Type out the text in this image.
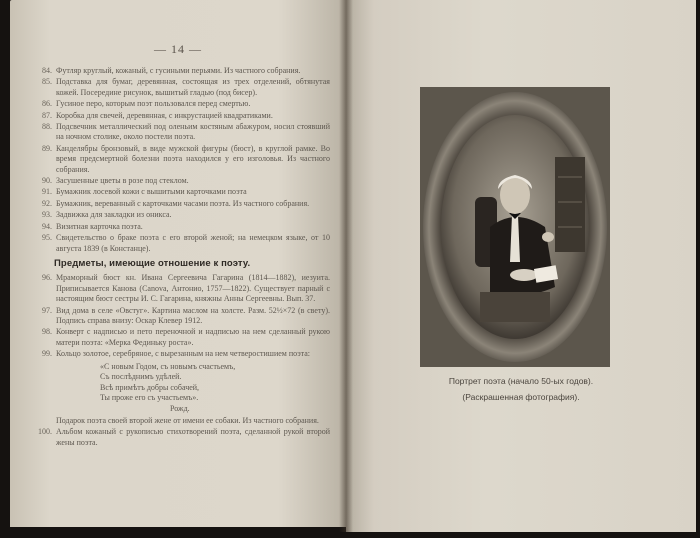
— 14 —
84. Футляр круглый, кожаный, с гусиными перьями. Из частного собрания.
85. Подставка для бумаг, деревянная, состоящая из трех отделений, обтянутая кожей. Посередине рисунок, вышитый гладью (под бисер).
86. Гусиное перо, которым поэт пользовался перед смертью.
87. Коробка для свечей, деревянная, с инкрустацией квадратиками.
88. Подсвечник металлический под оленьим костяным абажуром, носил стоявший на ночном столике, около постели поэта.
89. Канделябры бронзовый, в виде мужской фигуры (бюст), в круглой рамке. Во время предсмертной болезни поэта находился у его изголовья. Из частного собрания.
90. Засушенные цветы в розе под стеклом.
91. Бумажник лосевой кожи с вышитыми карточками поэта
92. Бумажник, вереванный с карточками часами поэта. Из частного собрания.
93. Задвижка для закладки из оникса.
94. Визитная карточка поэта.
95. Свидетельство о браке поэта с его второй женой; на немецком языке, от 10 августа 1839 (в Констанце).
Предметы, имеющие отношение к поэту.
96. Мраморный бюст кн. Ивана Сергеевича Гагарина (1814—1882), иезуита. Приписывается Канова (Canova, Антонио, 1757—1822). Существует парный с настоящим бюст сестры И. С. Гагарина, княжны Анны Сергеевны. Вып. 37.
97. Вид дома в селе «Овстуг». Картина маслом на холсте. Разм. 52½×72 (в свету). Подпись справа внизу: Оскар Клевер 1912.
98. Конверт с надписью и пето переночной и надписью на нем сделанный рукою матери поэта: «Мерка Фединьку роста».
99. Кольцо золотое, серебряное, с вырезанным на нем четверостишием поэта:
«С новым Годом, съ новымъ счастьемъ,
Съ послѣднимъ удѣлей.
Всѣ примѣтъ добры собачей,
Ты проже его съ участьемъ».
Рожд.
Подарок поэта своей второй жене от имени ее собаки. Из частного собрания.
100. Альбом кожаный с рукописью стихотворений поэта, сделанной рукой второй жены поэта.
Портрет поэта (начало 50-ых годов).
(Раскрашенная фотография).
